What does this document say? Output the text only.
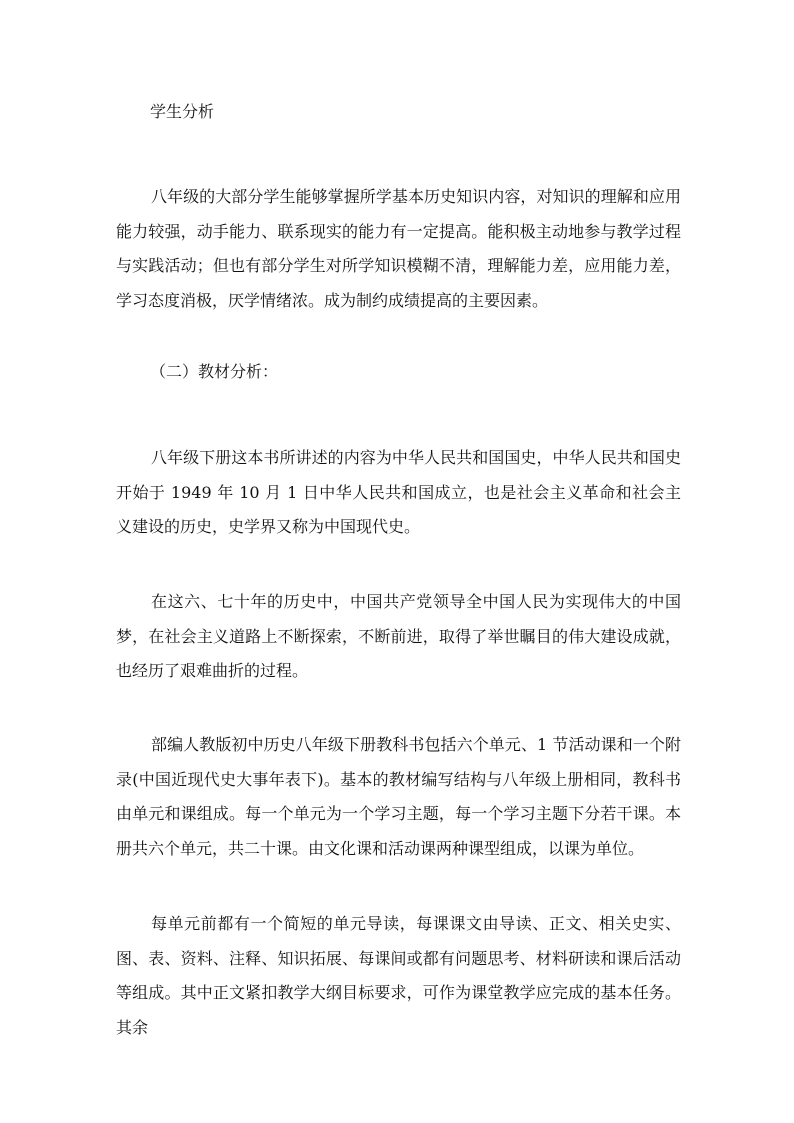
学生分析

八年级的大部分学生能够掌握所学基本历史知识内容，对知识的理解和应用能力较强，动手能力、联系现实的能力有一定提高。能积极主动地参与教学过程与实践活动；但也有部分学生对所学知识模糊不清，理解能力差，应用能力差，学习态度消极，厌学情绪浓。成为制约成绩提高的主要因素。

（二）教材分析：

八年级下册这本书所讲述的内容为中华人民共和国国史，中华人民共和国史开始于 1949 年 10 月 1 日中华人民共和国成立，也是社会主义革命和社会主义建设的历史，史学界又称为中国现代史。

在这六、七十年的历史中，中国共产党领导全中国人民为实现伟大的中国梦，在社会主义道路上不断探索，不断前进，取得了举世瞩目的伟大建设成就，也经历了艰难曲折的过程。

部编人教版初中历史八年级下册教科书包括六个单元、1 节活动课和一个附录(中国近现代史大事年表下)。基本的教材编写结构与八年级上册相同，教科书由单元和课组成。每一个单元为一个学习主题，每一个学习主题下分若干课。本册共六个单元，共二十课。由文化课和活动课两种课型组成，以课为单位。

每单元前都有一个简短的单元导读，每课课文由导读、正文、相关史实、图、表、资料、注释、知识拓展、每课间或都有问题思考、材料研读和课后活动等组成。其中正文紧扣教学大纲目标要求，可作为课堂教学应完成的基本任务。其余
